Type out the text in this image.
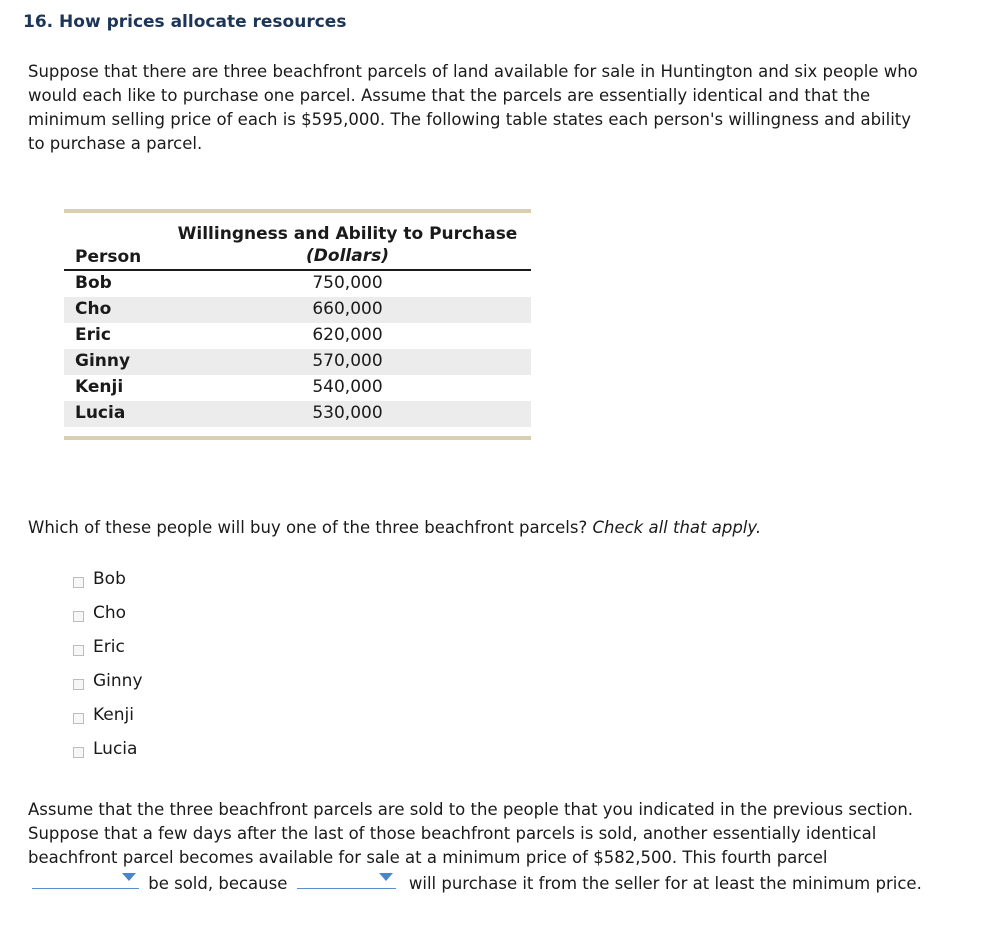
16. How prices allocate resources
Suppose that there are three beachfront parcels of land available for sale in Huntington and six people who would each like to purchase one parcel. Assume that the parcels are essentially identical and that the minimum selling price of each is $595,000. The following table states each person's willingness and ability to purchase a parcel.
Person
Willingness and Ability to Purchase
(Dollars)
Bob	750,000
Cho	660,000
Eric	620,000
Ginny	570,000
Kenji	540,000
Lucia	530,000
Which of these people will buy one of the three beachfront parcels? Check all that apply.
Bob
Cho
Eric
Ginny
Kenji
Lucia
Assume that the three beachfront parcels are sold to the people that you indicated in the previous section. Suppose that a few days after the last of those beachfront parcels is sold, another essentially identical beachfront parcel becomes available for sale at a minimum price of $582,500. This fourth parcel
be sold, because	will purchase it from the seller for at least the minimum price.
